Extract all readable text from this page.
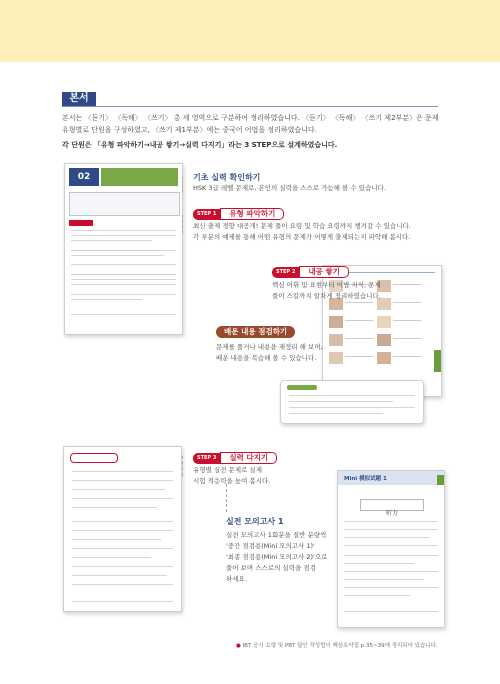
본서

본서는 〈듣기〉 〈독해〉 〈쓰기〉 총 세 영역으로 구분하여 정리하였습니다. 〈듣기〉 〈독해〉 〈쓰기 제2부분〉은 문제 유형별로 단원을 구성하였고, 〈쓰기 제1부분〉에는 중국어 어법을 정리하였습니다.

각 단원은 「유형 파악하기→내공 쌓기→실력 다지기」라는 3 STEP으로 설계하였습니다.

02	기초 실력 확인하기
HSK 3급 레벨 문제로, 본인의 실력을 스스로 가늠해 볼 수 있습니다.
STEP 1	유형 파악하기
최신 출제 경향 대공개! 문제 풀이 요령 및 학습 요령까지 챙겨갈 수 있습니다.
각 부분의 예제를 통해 어떤 유형의 문제가 어떻게 출제되는지 파악해 봅시다.
STEP 2	내공 쌓기
핵심 어휘 및 표현부터 어법 지식, 문제
풀이 스킬까지 알차게 정리하였습니다.
배운 내용 점검하기
문제를 풀거나 내용을 재정리 해 보며,
배운 내용을 복습해 볼 수 있습니다.
STEP 3	실력 다지기
유형별 실전 문제로 실제
시험 적응력을 높여 봅시다.
실전 모의고사 1
실전 모의고사 1회분을 절반 분량씩
'중간 점검용(Mini 모의고사 1)'
'최종 점검용(Mini 모의고사 2)'으로
풀어 보며 스스로의 실력을 점검
하세요.
Mini 模拟试题 1
听力
● IBT 응시 요령 및 PBT 답안 작성법이 핵심요약집 p.35~39에 정리되어 있습니다.
